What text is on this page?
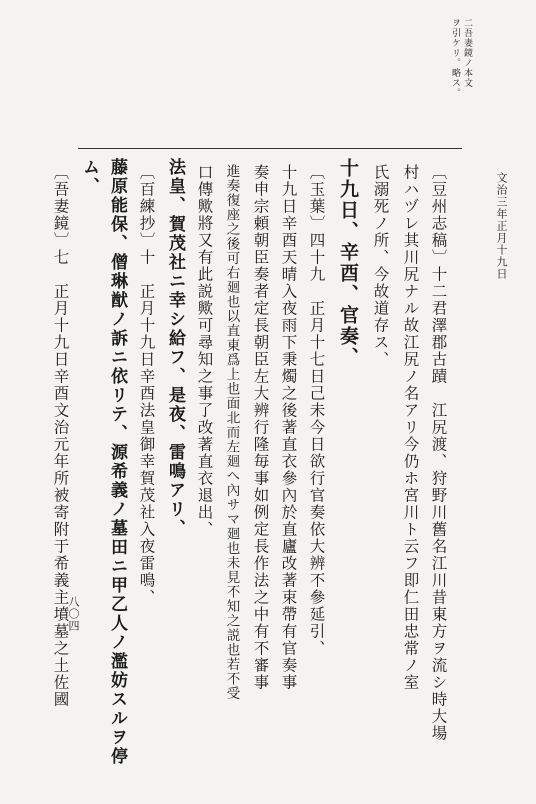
文治三年正月十九日
二吾妻鏡ノ本文
ヲ引ケリ。略ス。
八〇四	〔豆州志稿〕十二君澤郡古蹟　江尻渡、狩野川舊名江川昔東方ヲ流シ時大場
村ハヅレ其川尻ナル故江尻ノ名アリ今仍ホ宮川ト云フ即仁田忠常ノ室
氏溺死ノ所、今故道存ス、
十九日、辛酉、官奏、
〔玉葉〕四十九　正月十七日己未今日欲行官奏依大辨不參延引、
十九日辛酉天晴入夜雨下秉燭之後著直衣參內於直廬改著束帶有官奏事
奏申宗頼朝臣奏者定長朝臣左大辨行隆毎事如例定長作法之中有不審事
進奏復座之後可右廻也以直東爲上也面北而左廻へ內サマ廻也未見不知之説也若不受
口傳歟將又有此説歟可尋知之事了改著直衣退出、
法皇、賀茂社ニ幸シ給フ、是夜、雷鳴アリ、
〔百練抄〕十　正月十九日辛酉法皇御幸賀茂社入夜雷鳴、
藤原能保、僧琳猷ノ訴ニ依リテ、源希義ノ墓田ニ甲乙人ノ濫妨スルヲ停
ム、
〔吾妻鏡〕七　正月十九日辛酉文治元年所被寄附于希義主墳墓之土佐國
